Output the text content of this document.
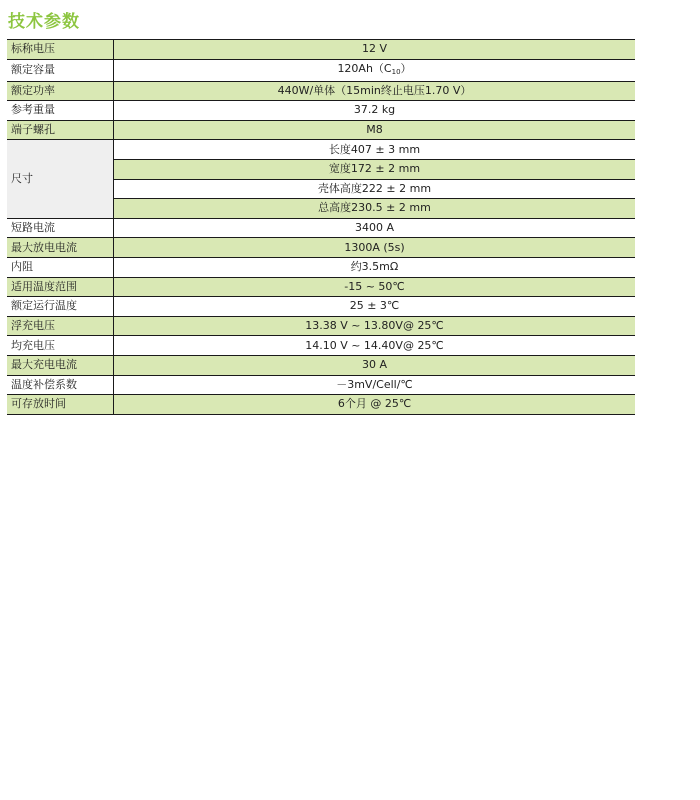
技术参数
标称电压	12 V
额定容量	$120Ah(C_{10})$
额定功率	440W/单体（15min终止电压1.70 V）
参考重量	37.2 kg
端子螺孔	M8
尺寸	长度407 ± 3 mm
	宽度172 ± 2 mm
	壳体高度222 ± 2 mm
	总高度230.5 ± 2 mm
短路电流	3400 A
最大放电电流	1300A (5s)
内阻	约3.5mΩ
适用温度范围	-15 ~ 50℃
额定运行温度	25 ± 3℃
浮充电压	13.38 V ~ 13.80V@ 25℃
均充电压	14.10 V ~ 14.40V@ 25℃
最大充电电流	30 A
温度补偿系数	－3mV/Cell/℃
可存放时间	6个月 @ 25℃
